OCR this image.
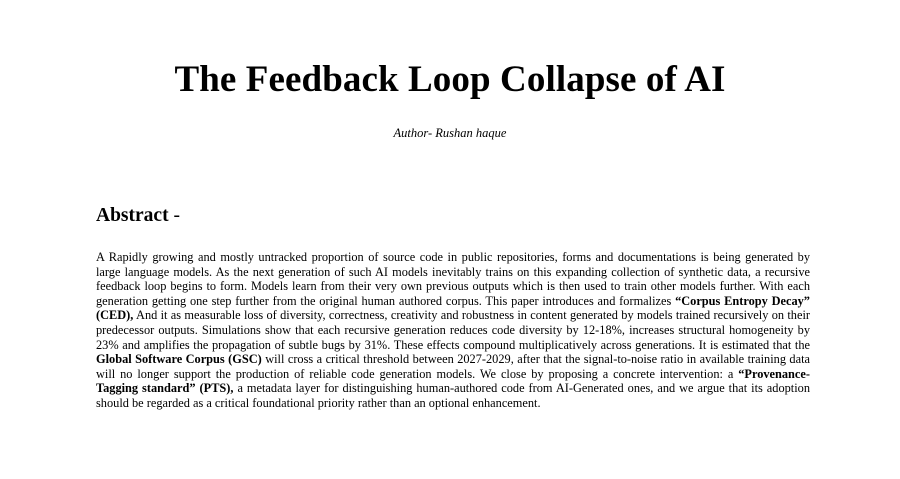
The Feedback Loop Collapse of AI
Author- Rushan haque
Abstract -

A Rapidly growing and mostly untracked proportion of source code in public repositories, forms and documentations is being generated by large language models. As the next generation of such AI models inevitably trains on this expanding collection of synthetic data, a recursive feedback loop begins to form. Models learn from their very own previous outputs which is then used to train other models further. With each generation getting one step further from the original human authored corpus. This paper introduces and formalizes “Corpus Entropy Decay” (CED), And it as measurable loss of diversity, correctness, creativity and robustness in content generated by models trained recursively on their predecessor outputs. Simulations show that each recursive generation reduces code diversity by 12-18%, increases structural homogeneity by 23% and amplifies the propagation of subtle bugs by 31%. These effects compound multiplicatively across generations. It is estimated that the Global Software Corpus (GSC) will cross a critical threshold between 2027-2029, after that the signal-to-noise ratio in available training data will no longer support the production of reliable code generation models. We close by proposing a concrete intervention: a “Provenance-Tagging standard” (PTS), a metadata layer for distinguishing human-authored code from AI-Generated ones, and we argue that its adoption should be regarded as a critical foundational priority rather than an optional enhancement.
